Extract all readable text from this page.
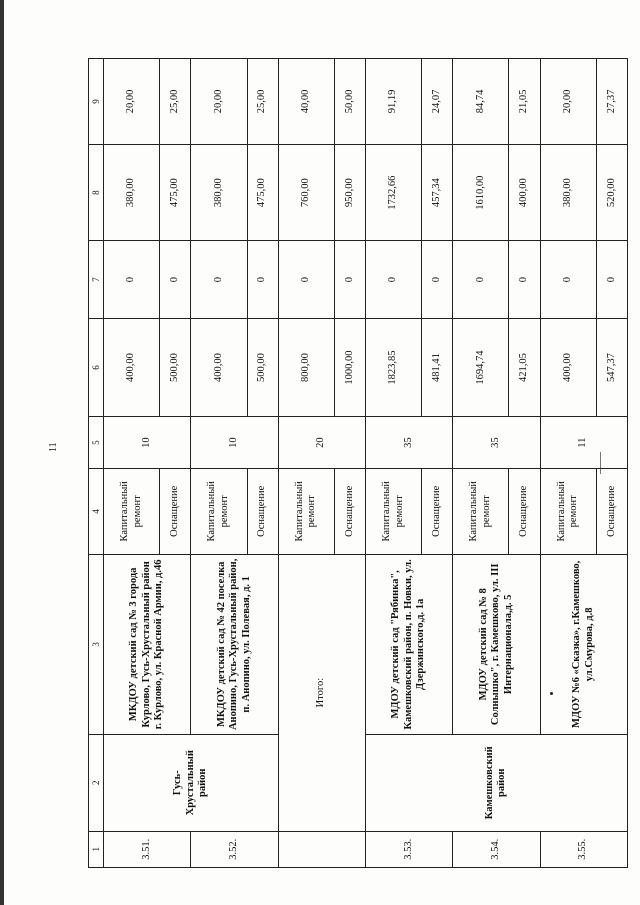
11
1	2	3	4	5	6	7	8	9
3.51.	Гусь-Хрустальный район	МКДОУ детский сад № 3 города Курлово, Гусь-Хрустальный район г. Курлово, ул. Красной Армии, д.46	Капитальный ремонт	10	400,00	0	380,00	20,00
			Оснащение		500,00	0	475,00	25,00
3.52.		МКДОУ детский сад № 42 поселка Анопино, Гусь-Хрустальный район, п. Анопино, ул. Полевая, д. 1	Капитальный ремонт	10	400,00	0	380,00	20,00
			Оснащение		500,00	0	475,00	25,00
	Итого:		Капитальный ремонт	20	800,00	0	760,00	40,00
			Оснащение		1000,00	0	950,00	50,00
3.53.	Камешковский район	МДОУ детский сад "Рябинка", Камешковский район, п. Новки, ул. Дзержинского,д. 1а	Капитальный ремонт	35	1823,85	0	1732,66	91,19
			Оснащение		481,41	0	457,34	24,07
3.54.		МДОУ детский сад № 8 Солнышко", г. Камешково, ул. III Интернационала,д. 5	Капитальный ремонт	35	1694,74	0	1610,00	84,74
			Оснащение		421,05	0	400,00	21,05
3.55.		МДОУ №6 «Сказка», г.Камешково, ул.Смурова, д.8	Капитальный ремонт	11	400,00	0	380,00	20,00
			Оснащение		547,37	0	520,00	27,37
